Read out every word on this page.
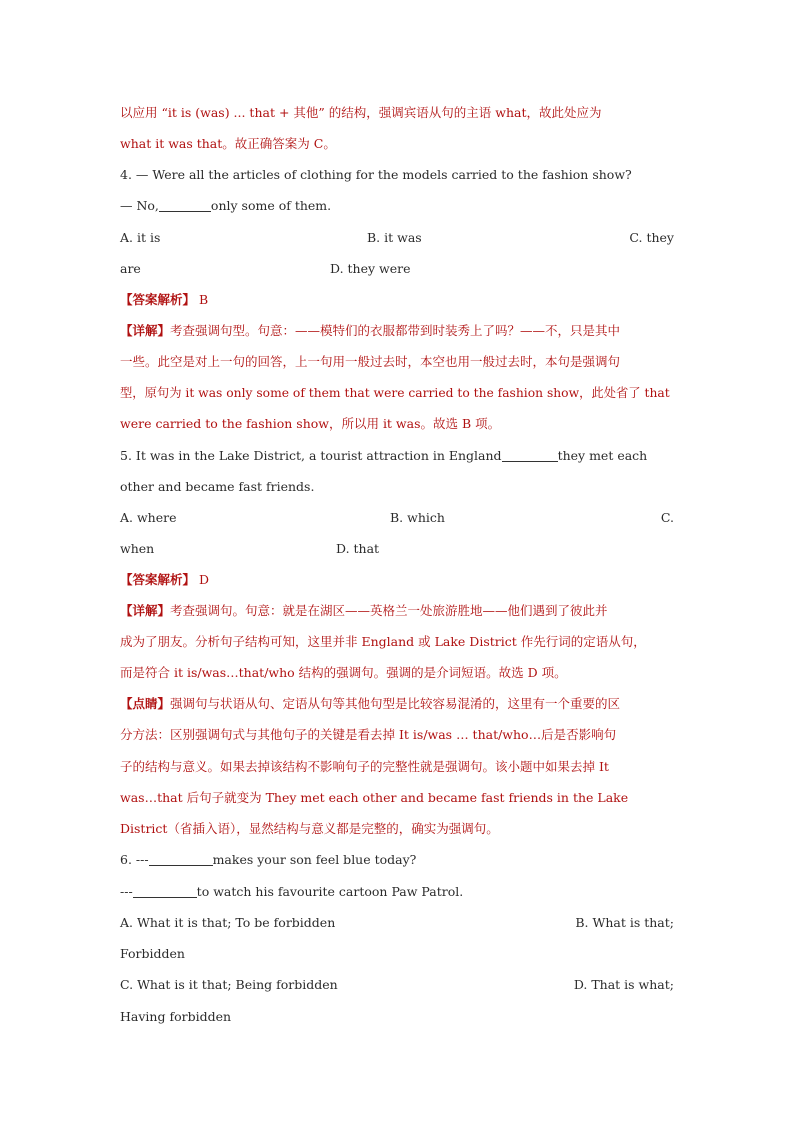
以应用 “it is (was) ... that + 其他” 的结构，强调宾语从句的主语 what，故此处应为
what it was that。故正确答案为 C。
4. — Were all the articles of clothing for the models carried to the fashion show?
— No,	only some of them.
A. it is	B. it was	C. they
are	D. they were
【答案解析】 B
【详解】考查强调句型。句意：——模特们的衣服都带到时装秀上了吗？——不，只是其中
一些。此空是对上一句的回答，上一句用一般过去时，本空也用一般过去时，本句是强调句
型，原句为 it was only some of them that were carried to the fashion show，此处省了 that
were carried to the fashion show，所以用 it was。故选 B 项。
5. It was in the Lake District, a tourist attraction in England	they met each
other and became fast friends.
A. where	B. which	C.
when	D. that
【答案解析】 D
【详解】考查强调句。句意：就是在湖区——英格兰一处旅游胜地——他们遇到了彼此并
成为了朋友。分析句子结构可知，这里并非 England 或 Lake District 作先行词的定语从句，
而是符合 it is/was…that/who 结构的强调句。强调的是介词短语。故选 D 项。
【点睛】强调句与状语从句、定语从句等其他句型是比较容易混淆的，这里有一个重要的区
分方法：区别强调句式与其他句子的关键是看去掉 It is/was … that/who…后是否影响句
子的结构与意义。如果去掉该结构不影响句子的完整性就是强调句。该小题中如果去掉 It
was…that 后句子就变为 They met each other and became fast friends in the Lake
District（省插入语），显然结构与意义都是完整的，确实为强调句。
6. ---	makes your son feel blue today?
---	to watch his favourite cartoon Paw Patrol.
A. What it is that; To be forbidden	B. What is that;
Forbidden
C. What is it that; Being forbidden	D. That is what;
Having forbidden
